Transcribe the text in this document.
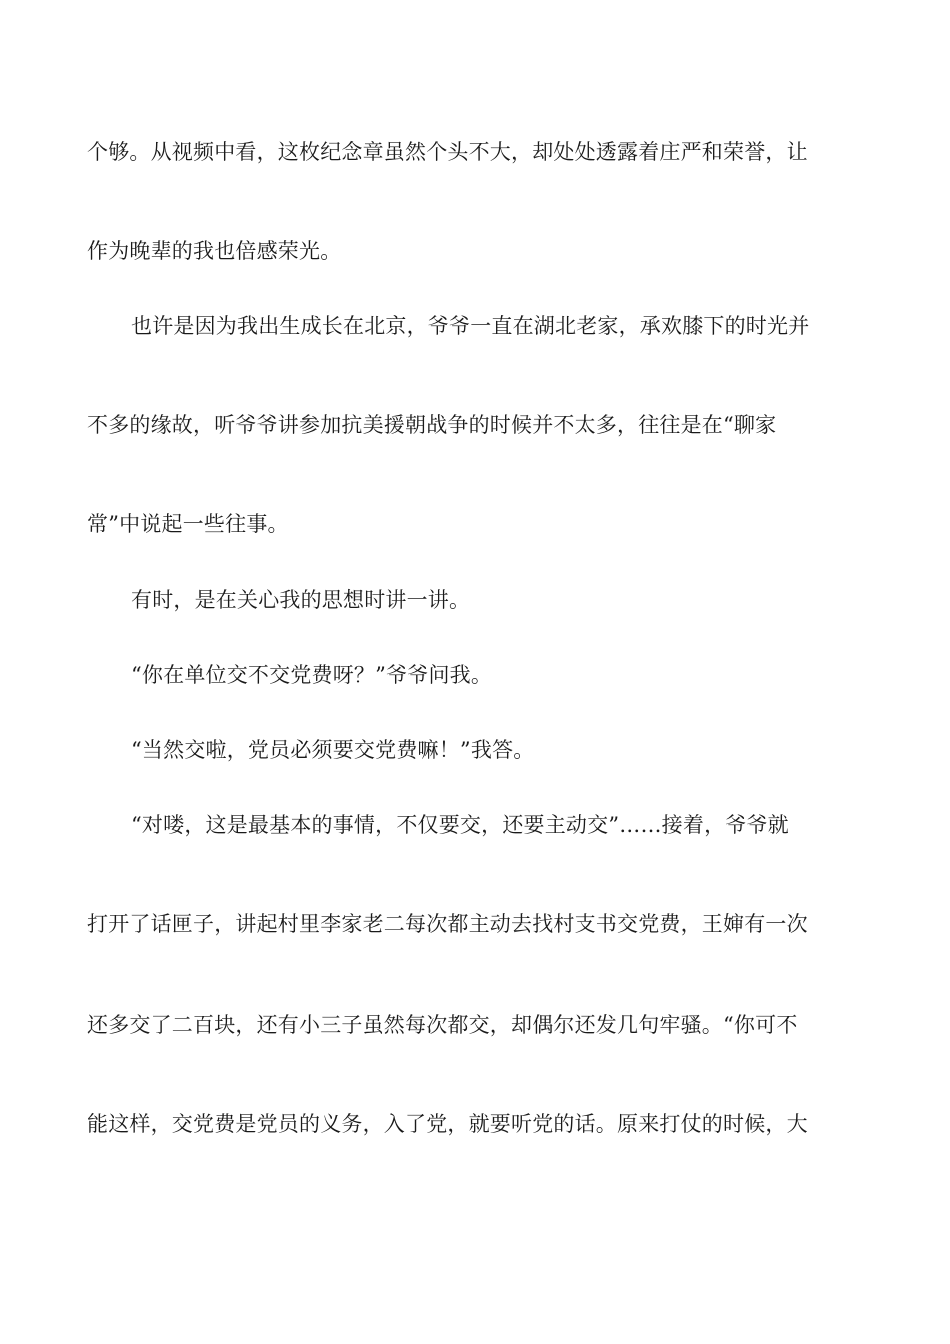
个够。从视频中看，这枚纪念章虽然个头不大，却处处透露着庄严和荣誉，让
作为晚辈的我也倍感荣光。
也许是因为我出生成长在北京，爷爷一直在湖北老家，承欢膝下的时光并
不多的缘故，听爷爷讲参加抗美援朝战争的时候并不太多，往往是在“聊家
常”中说起一些往事。
有时，是在关心我的思想时讲一讲。
“你在单位交不交党费呀？”爷爷问我。
“当然交啦，党员必须要交党费嘛！”我答。
“对喽，这是最基本的事情，不仅要交，还要主动交”……接着，爷爷就
打开了话匣子，讲起村里李家老二每次都主动去找村支书交党费，王婶有一次
还多交了二百块，还有小三子虽然每次都交，却偶尔还发几句牢骚。“你可不
能这样，交党费是党员的义务，入了党，就要听党的话。原来打仗的时候，大
